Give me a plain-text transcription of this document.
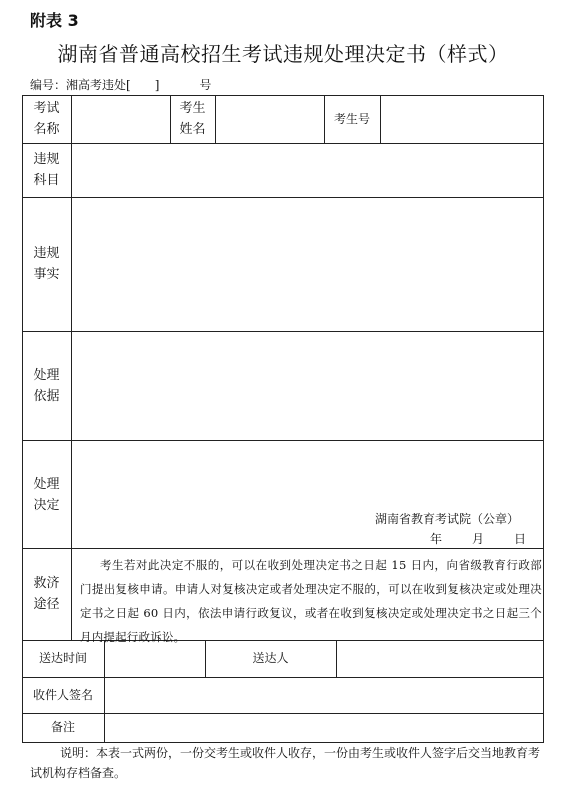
附表 3
湖南省普通高校招生考试违规处理决定书（样式）
编号：湘高考违处[ ]	号
考试
名称
考生
姓名
考生号
违规
科目
违规
事实
处理
依据
处理
决定
湖南省教育考试院（公章）
年　　月　　日
救济
途径
考生若对此决定不服的，可以在收到处理决定书之日起 15 日内，向省级教育行政部门提出复核申请。申请人对复核决定或者处理决定不服的，可以在收到复核决定或处理决定书之日起 60 日内，依法申请行政复议，或者在收到复核决定或处理决定书之日起三个月内提起行政诉讼。
送达时间	送达人
收件人签名
备注
说明：本表一式两份，一份交考生或收件人收存，一份由考生或收件人签字后交当地教育考试机构存档备查。
